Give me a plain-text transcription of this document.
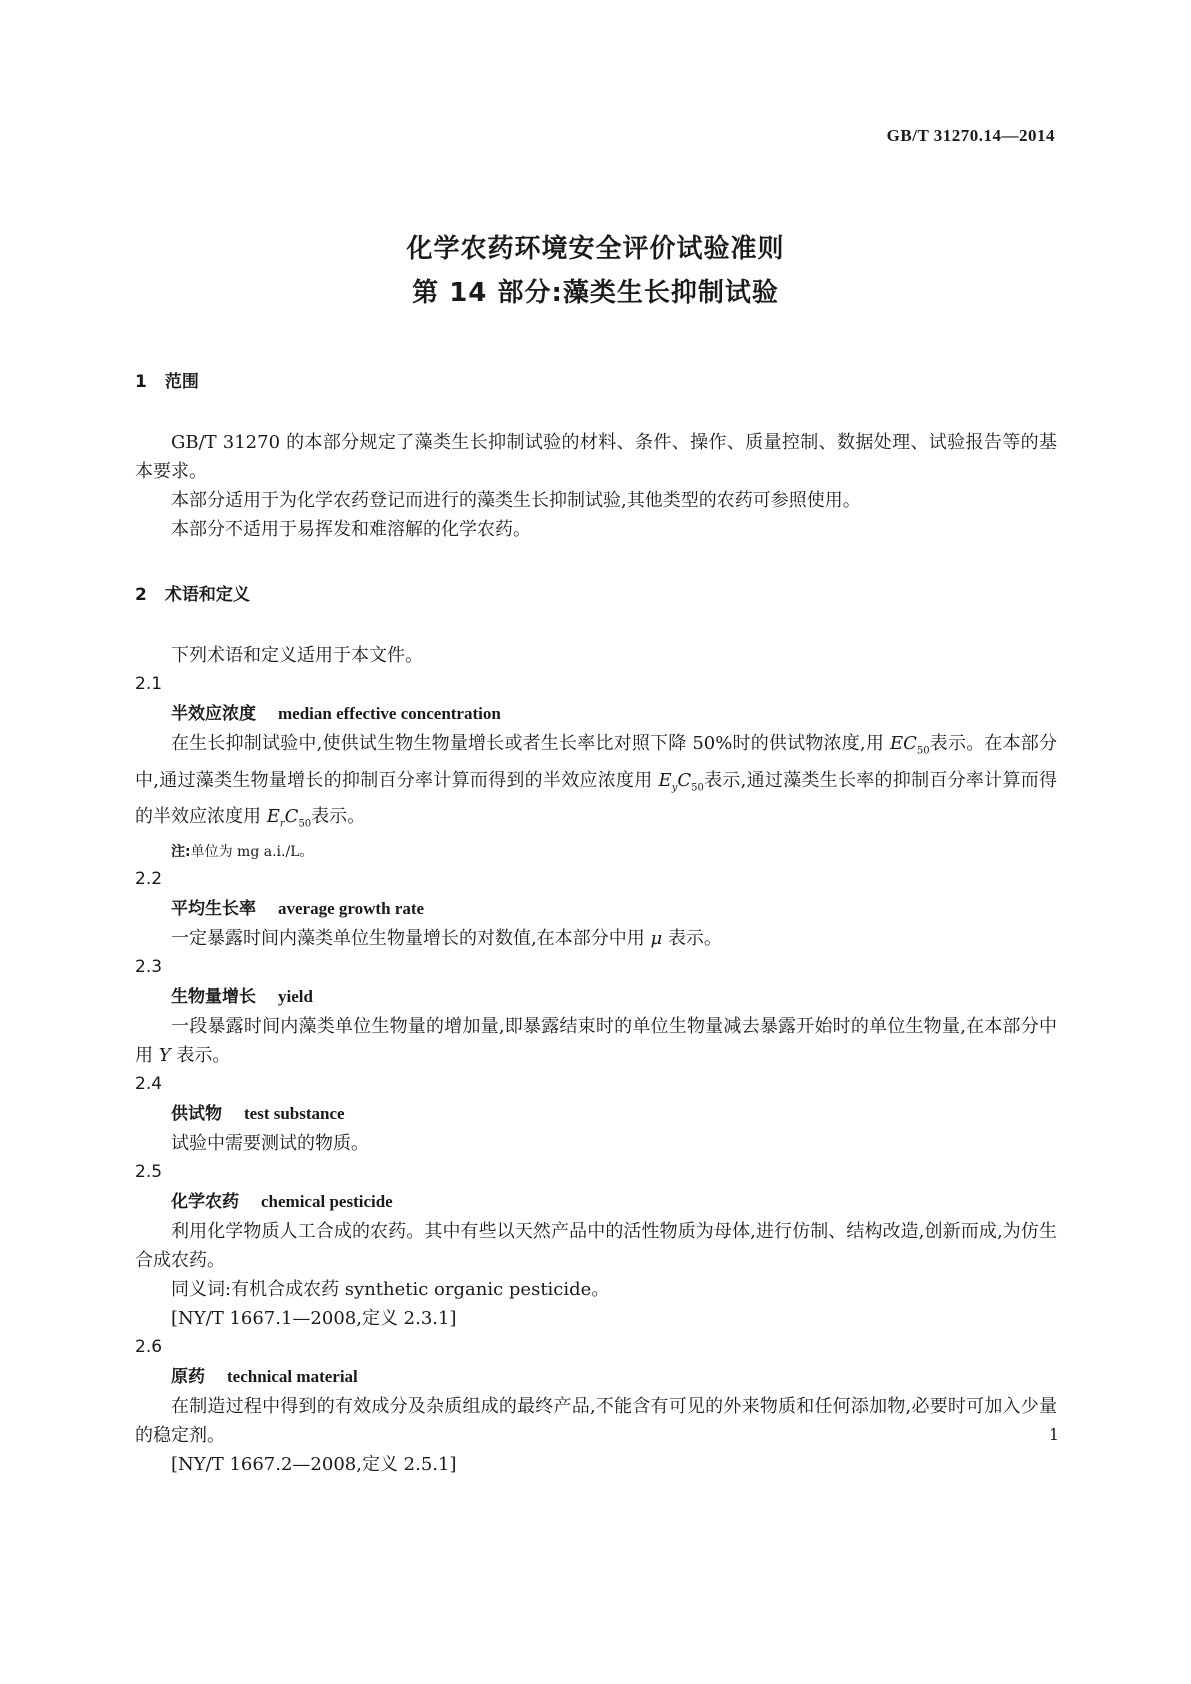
GB/T 31270.14—2014
化学农药环境安全评价试验准则
第 14 部分:藻类生长抑制试验

1 范围

GB/T 31270 的本部分规定了藻类生长抑制试验的材料、条件、操作、质量控制、数据处理、试验报告等的基本要求。

本部分适用于为化学农药登记而进行的藻类生长抑制试验,其他类型的农药可参照使用。

本部分不适用于易挥发和难溶解的化学农药。

2 术语和定义

下列术语和定义适用于本文件。

2.1

半效应浓度 median effective concentration

在生长抑制试验中,使供试生物生物量增长或者生长率比对照下降 50%时的供试物浓度,用 $EC_{50}$表示。在本部分中,通过藻类生物量增长的抑制百分率计算而得到的半效应浓度用 $E_yC_{50}$表示,通过藻类生长率的抑制百分率计算而得的半效应浓度用 $E_rC_{50}$表示。

注:单位为 mg a.i./L。

2.2

平均生长率 average growth rate

一定暴露时间内藻类单位生物量增长的对数值,在本部分中用 μ 表示。

2.3

生物量增长 yield

一段暴露时间内藻类单位生物量的增加量,即暴露结束时的单位生物量减去暴露开始时的单位生物量,在本部分中用 Y 表示。

2.4

供试物 test substance

试验中需要测试的物质。

2.5

化学农药 chemical pesticide

利用化学物质人工合成的农药。其中有些以天然产品中的活性物质为母体,进行仿制、结构改造,创新而成,为仿生合成农药。

同义词:有机合成农药 synthetic organic pesticide。

[NY/T 1667.1—2008,定义 2.3.1]

2.6

原药 technical material

在制造过程中得到的有效成分及杂质组成的最终产品,不能含有可见的外来物质和任何添加物,必要时可加入少量的稳定剂。

[NY/T 1667.2—2008,定义 2.5.1]

1
